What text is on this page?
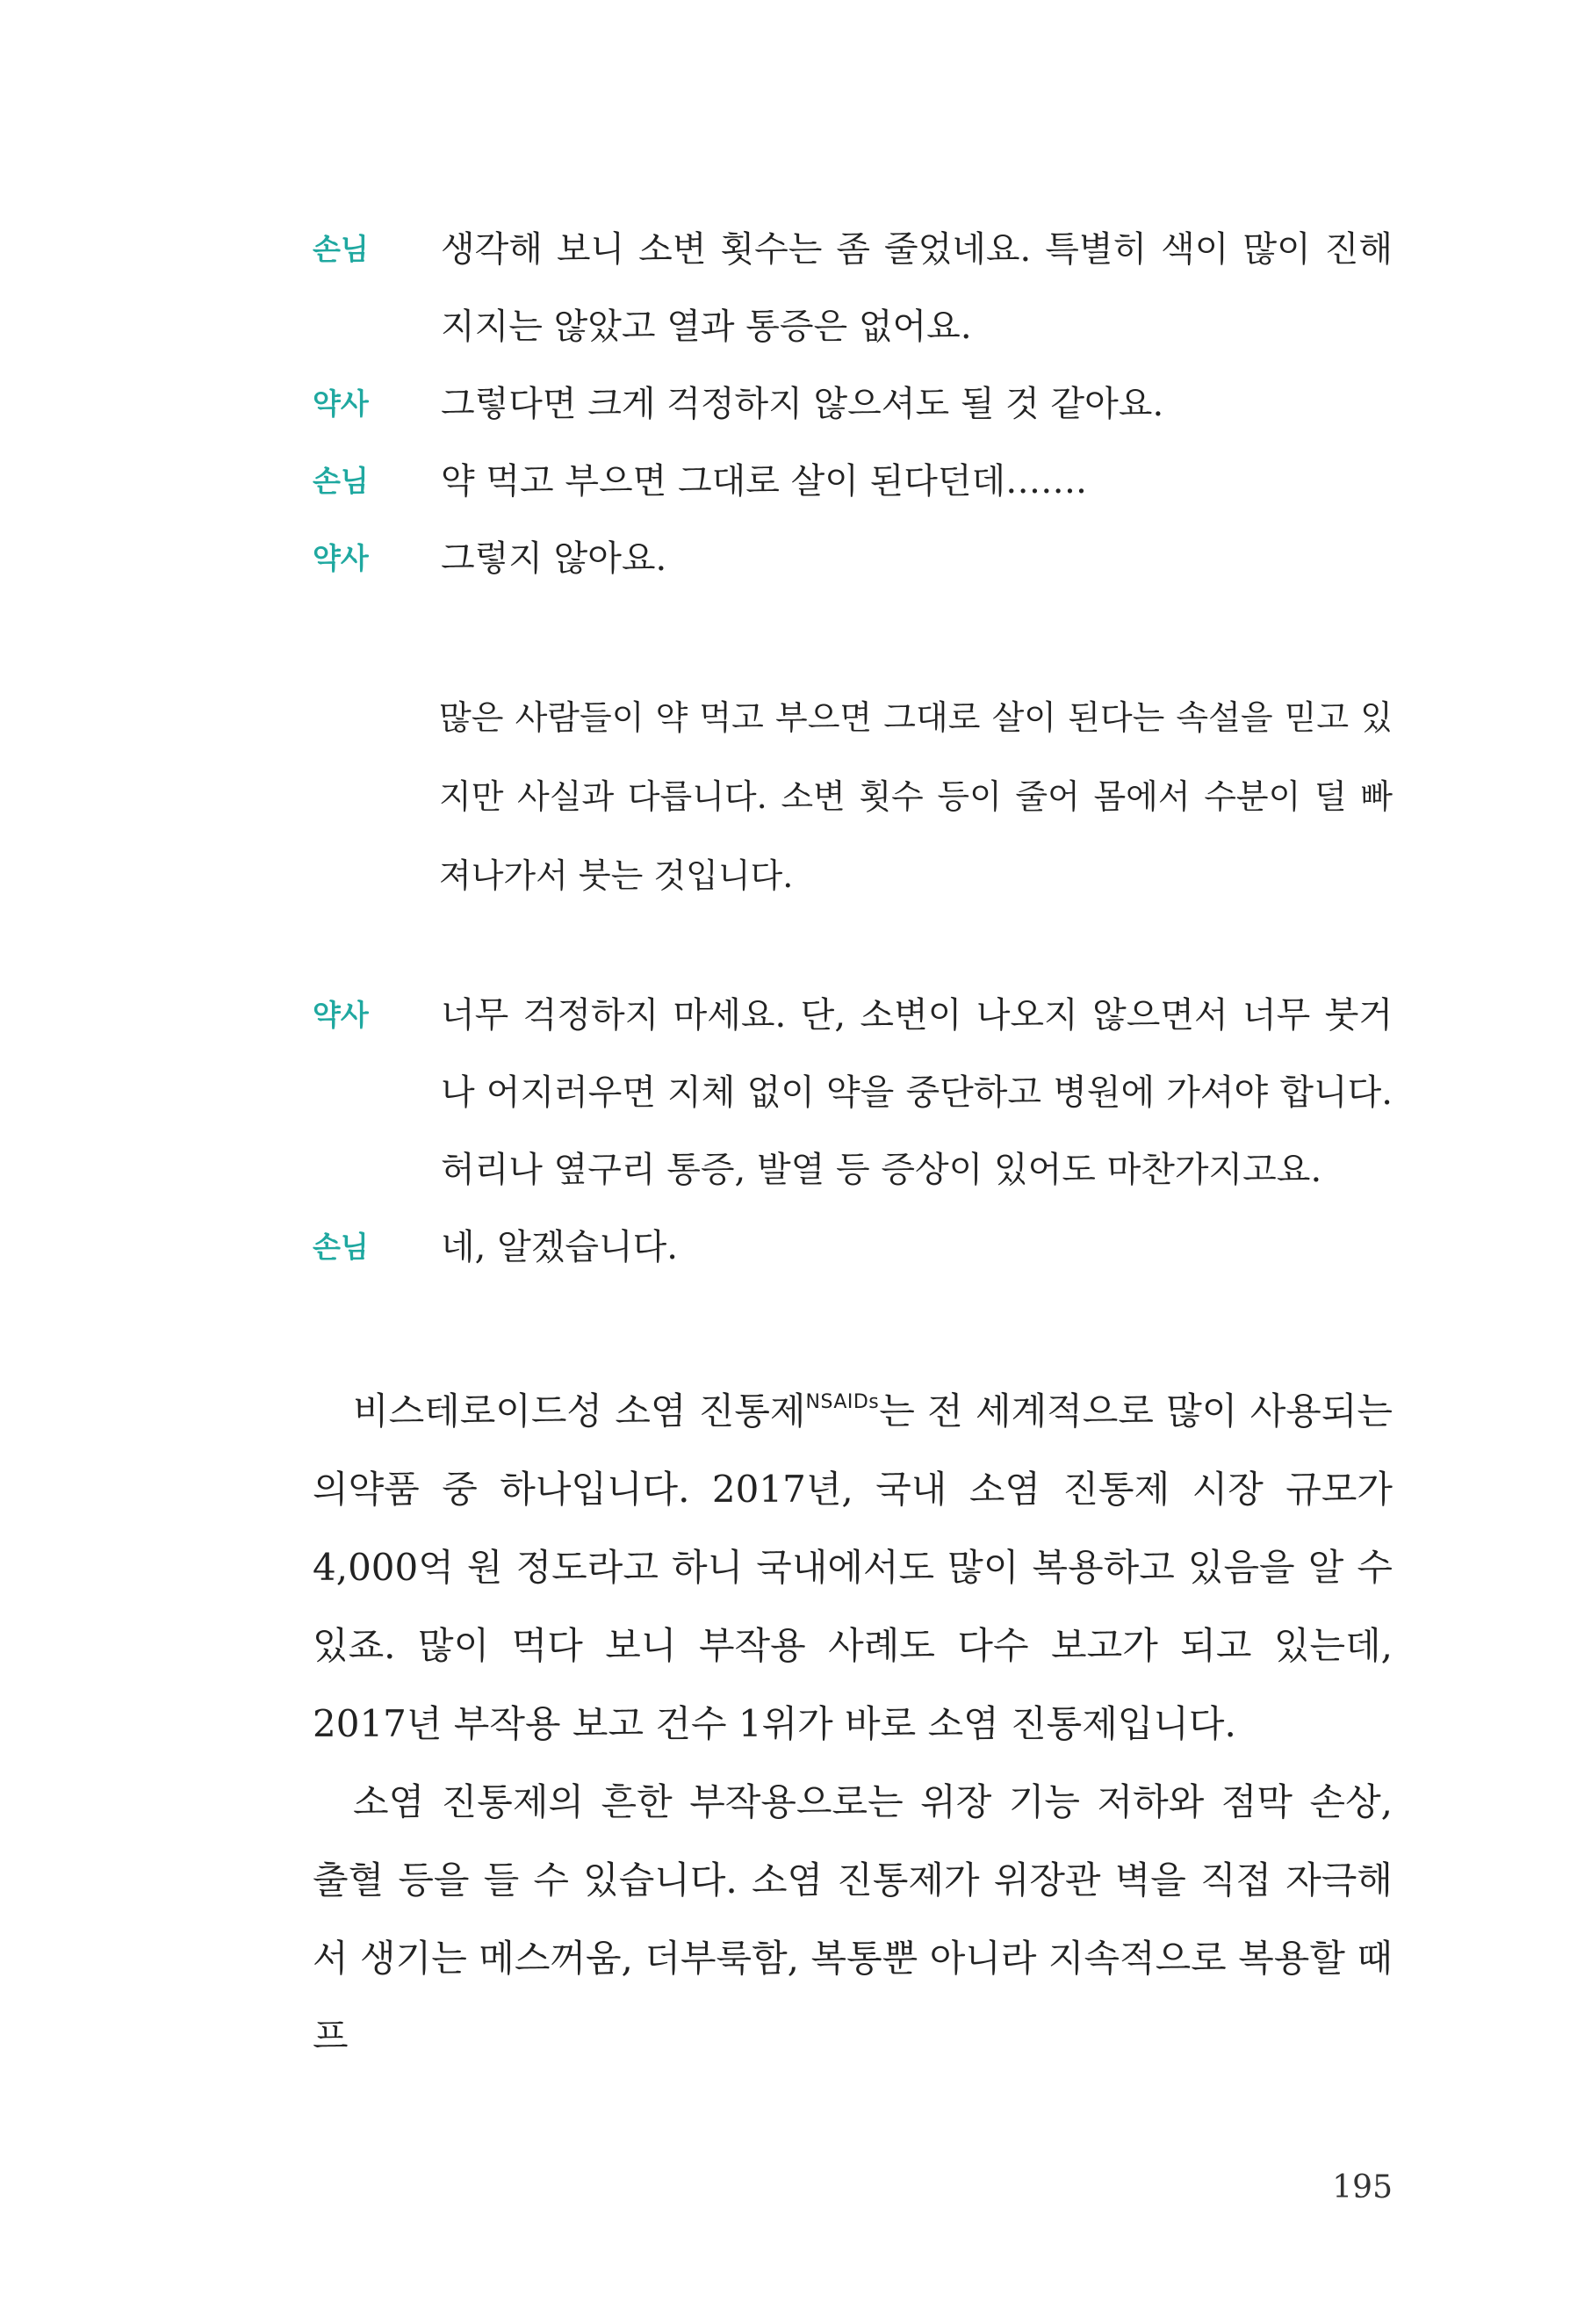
손님 생각해 보니 소변 횟수는 좀 줄었네요. 특별히 색이 많이 진해지지는 않았고 열과 통증은 없어요.
약사 그렇다면 크게 걱정하지 않으셔도 될 것 같아요.
손님 약 먹고 부으면 그대로 살이 된다던데…….
약사 그렇지 않아요.
많은 사람들이 약 먹고 부으면 그대로 살이 된다는 속설을 믿고 있지만 사실과 다릅니다. 소변 횟수 등이 줄어 몸에서 수분이 덜 빠져나가서 붓는 것입니다.
약사 너무 걱정하지 마세요. 단, 소변이 나오지 않으면서 너무 붓거나 어지러우면 지체 없이 약을 중단하고 병원에 가셔야 합니다. 허리나 옆구리 통증, 발열 등 증상이 있어도 마찬가지고요.
손님 네, 알겠습니다.

비스테로이드성 소염 진통제$^{NSAIDs}$는 전 세계적으로 많이 사용되는 의약품 중 하나입니다. 2017년, 국내 소염 진통제 시장 규모가 4,000억 원 정도라고 하니 국내에서도 많이 복용하고 있음을 알 수 있죠. 많이 먹다 보니 부작용 사례도 다수 보고가 되고 있는데, 2017년 부작용 보고 건수 1위가 바로 소염 진통제입니다.

소염 진통제의 흔한 부작용으로는 위장 기능 저하와 점막 손상, 출혈 등을 들 수 있습니다. 소염 진통제가 위장관 벽을 직접 자극해서 생기는 메스꺼움, 더부룩함, 복통뿐 아니라 지속적으로 복용할 때 프

195
